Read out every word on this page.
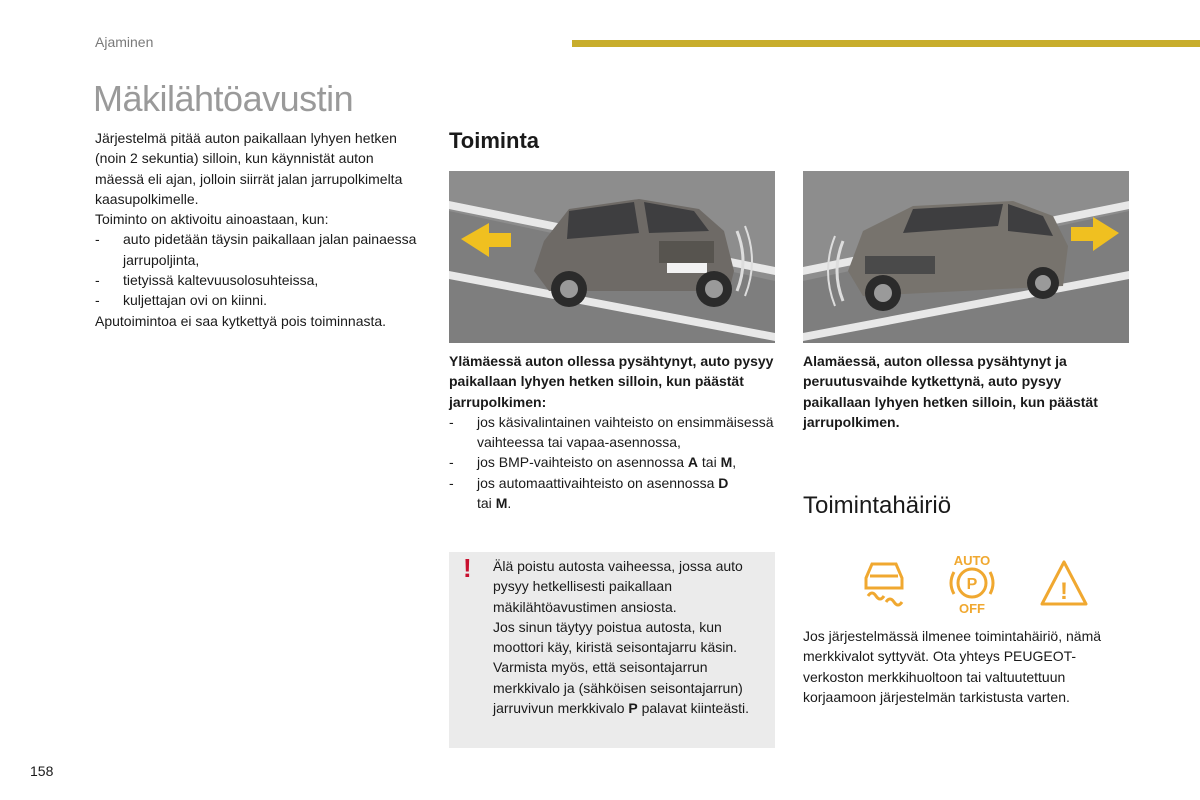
Ajaminen
Mäkilähtöavustin

Järjestelmä pitää auton paikallaan lyhyen hetken (noin 2 sekuntia) silloin, kun käynnistät auton mäessä eli ajan, jolloin siirrät jalan jarrupolkimelta kaasupolkimelle.

Toiminto on aktivoitu ainoastaan, kun:

- auto pidetään täysin paikallaan jalan painaessa jarrupoljinta,
- tietyissä kaltevuusolosuhteissa,
- kuljettajan ovi on kiinni.

Aputoimintoa ei saa kytkettyä pois toiminnasta.

Toiminta
Ylämäessä auton ollessa pysähtynyt, auto pysyy paikallaan lyhyen hetken silloin, kun päästät jarrupolkimen:
- jos käsivalintainen vaihteisto on ensimmäisessä vaihteessa tai vapaa-asennossa,
- jos BMP-vaihteisto on asennossa A tai M,
- jos automaattivaihteisto on asennossa D
tai M.
Alamäessä, auton ollessa pysähtynyt ja peruutusvaihde kytkettynä, auto pysyy paikallaan lyhyen hetken silloin, kun päästät jarrupolkimen.
! Älä poistu autosta vaiheessa, jossa auto pysyy hetkellisesti paikallaan mäkilähtöavustimen ansiosta.

Jos sinun täytyy poistua autosta, kun moottori käy, kiristä seisontajarru käsin. Varmista myös, että seisontajarrun merkkivalo ja (sähköisen seisontajarrun) jarruvivun merkkivalo P palavat kiinteästi.

Toimintahäiriö
AUTO
P
OFF
!
Jos järjestelmässä ilmenee toimintahäiriö, nämä merkkivalot syttyvät. Ota yhteys PEUGEOT-verkoston merkkihuoltoon tai valtuutettuun korjaamoon järjestelmän tarkistusta varten.
158
